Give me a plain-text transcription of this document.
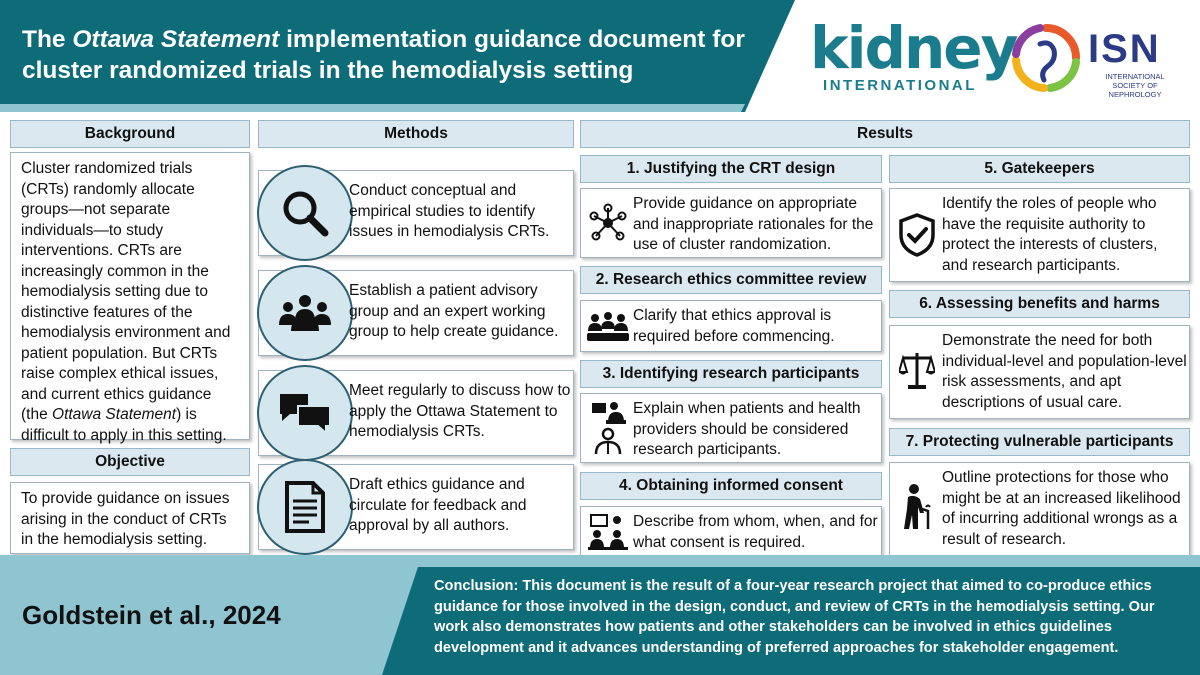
The Ottawa Statement implementation guidance document for cluster randomized trials in the hemodialysis setting	kidney
INTERNATIONAL
ISN
INTERNATIONAL SOCIETY OF NEPHROLOGY
Background
Cluster randomized trials (CRTs) randomly allocate groups—not separate individuals—to study interventions. CRTs are increasingly common in the hemodialysis setting due to distinctive features of the hemodialysis environment and patient population. But CRTs raise complex ethical issues, and current ethics guidance (the Ottawa Statement) is difficult to apply in this setting.
Objective
To provide guidance on issues arising in the conduct of CRTs in the hemodialysis setting.
Methods
Conduct conceptual and empirical studies to identify issues in hemodialysis CRTs.
Establish a patient advisory group and an expert working group to help create guidance.
Meet regularly to discuss how to apply the Ottawa Statement to hemodialysis CRTs.
Draft ethics guidance and circulate for feedback and approval by all authors.
Results
1. Justifying the CRT design
Provide guidance on appropriate and inappropriate rationales for the use of cluster randomization.
2. Research ethics committee review
Clarify that ethics approval is required before commencing.
3. Identifying research participants
Explain when patients and health providers should be considered research participants.
4. Obtaining informed consent
Describe from whom, when, and for what consent is required.
5. Gatekeepers
Identify the roles of people who have the requisite authority to protect the interests of clusters, and research participants.
6. Assessing benefits and harms
Demonstrate the need for both individual-level and population-level risk assessments, and apt descriptions of usual care.
7. Protecting vulnerable participants
Outline protections for those who might be at an increased likelihood of incurring additional wrongs as a result of research.
Goldstein et al., 2024
Conclusion: This document is the result of a four-year research project that aimed to co-produce ethics guidance for those involved in the design, conduct, and review of CRTs in the hemodialysis setting. Our work also demonstrates how patients and other stakeholders can be involved in ethics guidelines development and it advances understanding of preferred approaches for stakeholder engagement.
